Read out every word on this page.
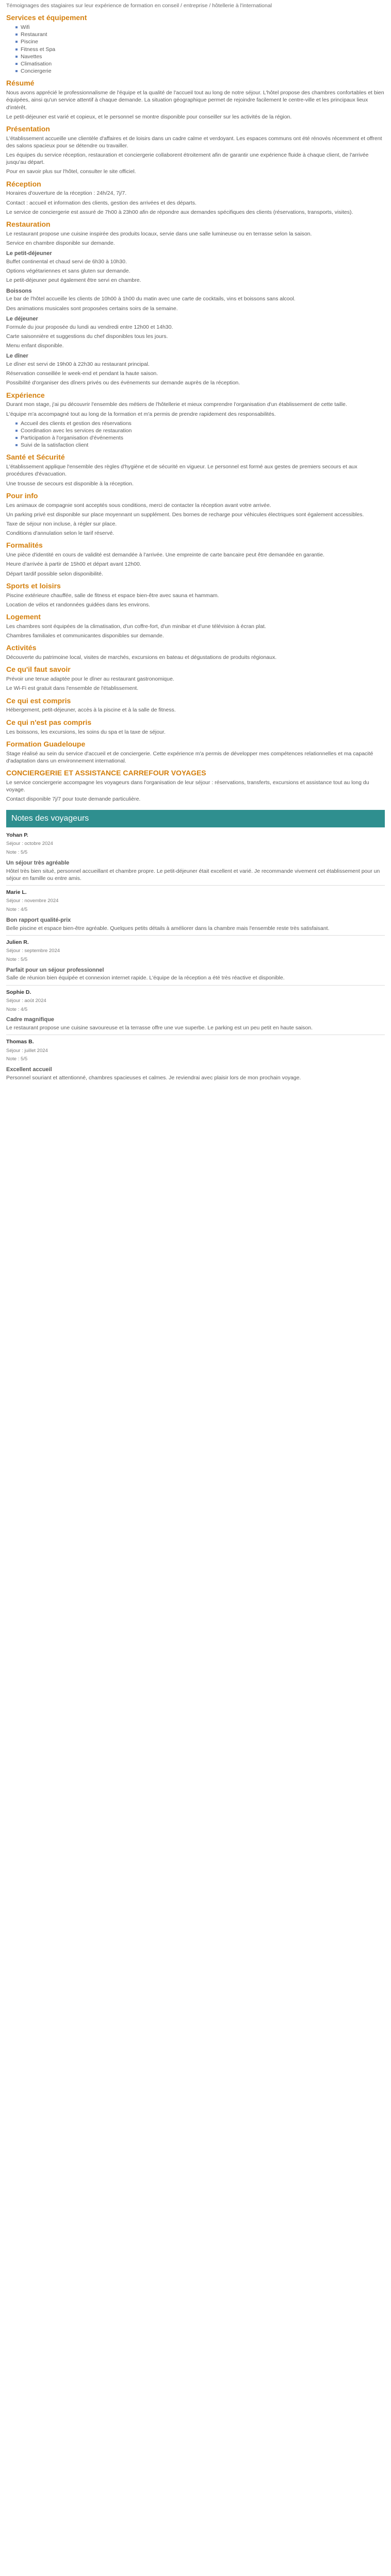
Témoignages des stagiaires sur leur expérience de formation en conseil / entreprise / hôtellerie à l'international

Services et équipement
Wifi
Restaurant
Piscine
Fitness et Spa
Navettes
Climatisation
Conciergerie
Résumé

Nous avons apprécié le professionnalisme de l'équipe et la qualité de l'accueil tout au long de notre séjour. L'hôtel propose des chambres confortables et bien équipées, ainsi qu'un service attentif à chaque demande. La situation géographique permet de rejoindre facilement le centre-ville et les principaux lieux d'intérêt.

Le petit-déjeuner est varié et copieux, et le personnel se montre disponible pour conseiller sur les activités de la région.

Présentation

L'établissement accueille une clientèle d'affaires et de loisirs dans un cadre calme et verdoyant. Les espaces communs ont été rénovés récemment et offrent des salons spacieux pour se détendre ou travailler.

Les équipes du service réception, restauration et conciergerie collaborent étroitement afin de garantir une expérience fluide à chaque client, de l'arrivée jusqu'au départ.

Pour en savoir plus sur l'hôtel, consulter le site officiel.

Réception

Horaires d'ouverture de la réception : 24h/24, 7j/7.

Contact : accueil et information des clients, gestion des arrivées et des départs.

Le service de conciergerie est assuré de 7h00 à 23h00 afin de répondre aux demandes spécifiques des clients (réservations, transports, visites).

Restauration

Le restaurant propose une cuisine inspirée des produits locaux, servie dans une salle lumineuse ou en terrasse selon la saison.

Service en chambre disponible sur demande.

Le petit-déjeuner

Buffet continental et chaud servi de 6h30 à 10h30.

Options végétariennes et sans gluten sur demande.

Le petit-déjeuner peut également être servi en chambre.

Boissons

Le bar de l'hôtel accueille les clients de 10h00 à 1h00 du matin avec une carte de cocktails, vins et boissons sans alcool.

Des animations musicales sont proposées certains soirs de la semaine.

Le déjeuner

Formule du jour proposée du lundi au vendredi entre 12h00 et 14h30.

Carte saisonnière et suggestions du chef disponibles tous les jours.

Menu enfant disponible.

Le dîner

Le dîner est servi de 19h00 à 22h30 au restaurant principal.

Réservation conseillée le week-end et pendant la haute saison.

Possibilité d'organiser des dîners privés ou des événements sur demande auprès de la réception.

Expérience

Durant mon stage, j'ai pu découvrir l'ensemble des métiers de l'hôtellerie et mieux comprendre l'organisation d'un établissement de cette taille.

L'équipe m'a accompagné tout au long de la formation et m'a permis de prendre rapidement des responsabilités.

Accueil des clients et gestion des réservations
Coordination avec les services de restauration
Participation à l'organisation d'événements
Suivi de la satisfaction client
Santé et Sécurité

L'établissement applique l'ensemble des règles d'hygiène et de sécurité en vigueur. Le personnel est formé aux gestes de premiers secours et aux procédures d'évacuation.

Une trousse de secours est disponible à la réception.

Pour info

Les animaux de compagnie sont acceptés sous conditions, merci de contacter la réception avant votre arrivée.

Un parking privé est disponible sur place moyennant un supplément. Des bornes de recharge pour véhicules électriques sont également accessibles.

Taxe de séjour non incluse, à régler sur place.

Conditions d'annulation selon le tarif réservé.

Formalités

Une pièce d'identité en cours de validité est demandée à l'arrivée. Une empreinte de carte bancaire peut être demandée en garantie.

Heure d'arrivée à partir de 15h00 et départ avant 12h00.

Départ tardif possible selon disponibilité.

Sports et loisirs

Piscine extérieure chauffée, salle de fitness et espace bien-être avec sauna et hammam.

Location de vélos et randonnées guidées dans les environs.

Logement

Les chambres sont équipées de la climatisation, d'un coffre-fort, d'un minibar et d'une télévision à écran plat.

Chambres familiales et communicantes disponibles sur demande.

Activités

Découverte du patrimoine local, visites de marchés, excursions en bateau et dégustations de produits régionaux.

Ce qu'il faut savoir

Prévoir une tenue adaptée pour le dîner au restaurant gastronomique.

Le Wi-Fi est gratuit dans l'ensemble de l'établissement.

Ce qui est compris

Hébergement, petit-déjeuner, accès à la piscine et à la salle de fitness.

Ce qui n'est pas compris

Les boissons, les excursions, les soins du spa et la taxe de séjour.

Formation Guadeloupe

Stage réalisé au sein du service d'accueil et de conciergerie. Cette expérience m'a permis de développer mes compétences relationnelles et ma capacité d'adaptation dans un environnement international.

CONCIERGERIE ET ASSISTANCE CARREFOUR VOYAGES

Le service conciergerie accompagne les voyageurs dans l'organisation de leur séjour : réservations, transferts, excursions et assistance tout au long du voyage.

Contact disponible 7j/7 pour toute demande particulière.

Notes des voyageurs

Yohan P.

Séjour : octobre 2024

Note : 5/5

Un séjour très agréable

Hôtel très bien situé, personnel accueillant et chambre propre. Le petit-déjeuner était excellent et varié. Je recommande vivement cet établissement pour un séjour en famille ou entre amis.

Marie L.

Séjour : novembre 2024

Note : 4/5

Bon rapport qualité-prix

Belle piscine et espace bien-être agréable. Quelques petits détails à améliorer dans la chambre mais l'ensemble reste très satisfaisant.

Julien R.

Séjour : septembre 2024

Note : 5/5

Parfait pour un séjour professionnel

Salle de réunion bien équipée et connexion internet rapide. L'équipe de la réception a été très réactive et disponible.

Sophie D.

Séjour : août 2024

Note : 4/5

Cadre magnifique

Le restaurant propose une cuisine savoureuse et la terrasse offre une vue superbe. Le parking est un peu petit en haute saison.

Thomas B.

Séjour : juillet 2024

Note : 5/5

Excellent accueil

Personnel souriant et attentionné, chambres spacieuses et calmes. Je reviendrai avec plaisir lors de mon prochain voyage.
